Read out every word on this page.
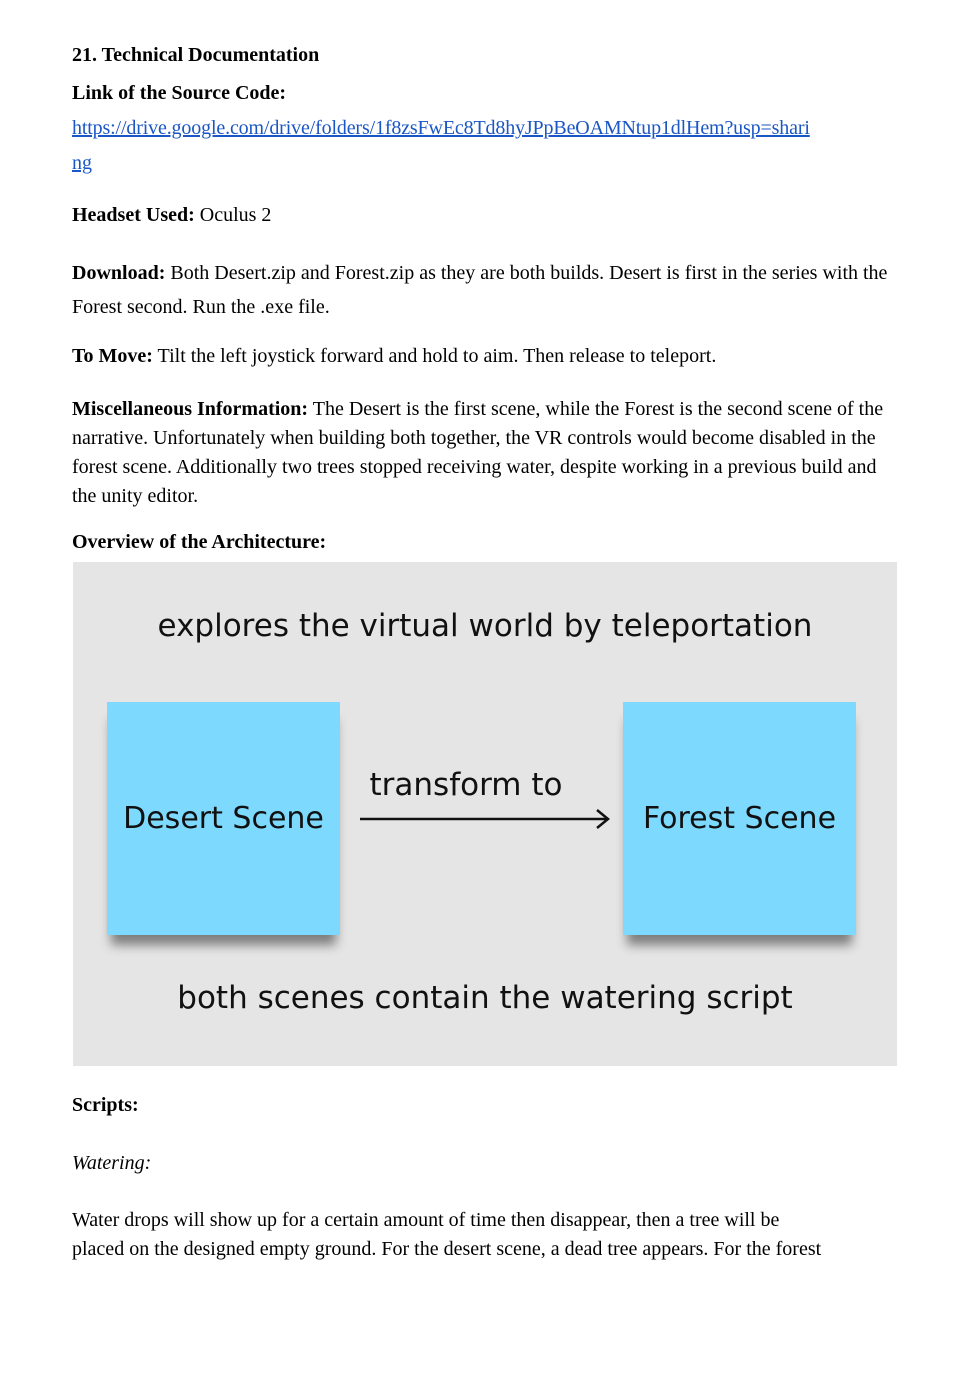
21. Technical Documentation

Link of the Source Code:

https://drive.google.com/drive/folders/1f8zsFwEc8Td8hyJPpBeOAMNtup1dlHem?usp=shari
ng

Headset Used: Oculus 2

Download: Both Desert.zip and Forest.zip as they are both builds. Desert is first in the series with the Forest second. Run the .exe file.

To Move: Tilt the left joystick forward and hold to aim. Then release to teleport.

Miscellaneous Information: The Desert is the first scene, while the Forest is the second scene of the narrative. Unfortunately when building both together, the VR controls would become disabled in the forest scene. Additionally two trees stopped receiving water, despite working in a previous build and the unity editor.

Overview of the Architecture:

explores the virtual world by teleportation
Desert Scene
transform to
Forest Scene
both scenes contain the watering script

Scripts:

Watering:

Water drops will show up for a certain amount of time then disappear, then a tree will be

placed on the designed empty ground. For the desert scene, a dead tree appears. For the forest
